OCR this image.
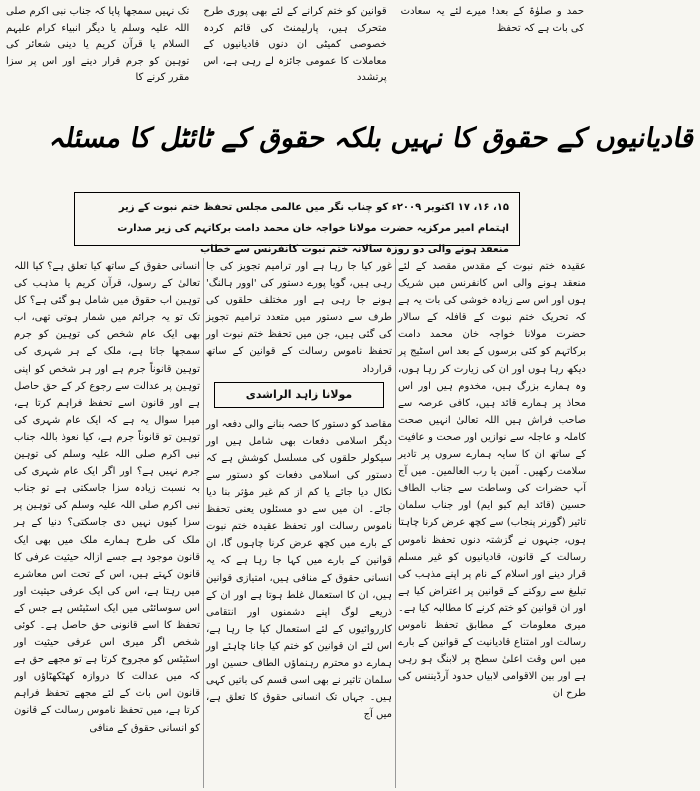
حمد و صلوٰۃ کے بعد! میرے لئے یہ سعادت کی بات ہے کہ تحفظ
قوانین کو ختم کرانے کے لئے بھی پوری طرح متحرک ہیں، پارلیمنٹ کی قائم کردہ خصوصی کمیٹی ان دنوں قادیانیوں کے معاملات کا عمومی جائزہ لے رہی ہے، اس پرتشدد
تک نہیں سمجھا پایا کہ جناب نبی اکرم صلی اللہ علیہ وسلم یا دیگر انبیاء کرام علیہم السلام یا قرآن کریم یا دینی شعائر کی توہین کو جرم قرار دینے اور اس پر سزا مقرر کرنے کا
قادیانیوں کے حقوق کا نہیں بلکہ حقوق کے ٹائٹل کا مسئلہ
۱۵، ۱۶، ۱۷ اکتوبر ۲۰۰۹ء کو چناب نگر میں عالمی مجلس تحفظ ختم نبوت کے زیر اہتمام امیر مرکزیہ حضرت مولانا خواجہ خان محمد دامت برکاتہم کی زیر صدارت منعقد ہونے والی دو روزہ سالانہ ختم نبوت کانفرنس سے خطاب

عقیدہ ختم نبوت کے مقدس مقصد کے لئے منعقد ہونے والی اس کانفرنس میں شریک ہوں اور اس سے زیادہ خوشی کی بات یہ ہے کہ تحریک ختم نبوت کے قافلہ کے سالار حضرت مولانا خواجہ خان محمد دامت برکاتہم کو کئی برسوں کے بعد اس اسٹیج پر دیکھ رہا ہوں اور ان کی زیارت کر رہا ہوں، وہ ہمارے بزرگ ہیں، مخدوم ہیں اور اس محاذ پر ہمارے قائد ہیں، کافی عرصہ سے صاحب فراش ہیں اللہ تعالیٰ انہیں صحت کاملہ و عاجلہ سے نوازیں اور صحت و عافیت کے ساتھ ان کا سایہ ہمارے سروں پر تادیر سلامت رکھیں۔ آمین یا رب العالمین۔ میں آج آپ حضرات کی وساطت سے جناب الطاف حسین (قائد ایم کیو ایم) اور جناب سلمان تاثیر (گورنر پنجاب) سے کچھ عرض کرنا چاہتا ہوں، جنہوں نے گزشتہ دنوں تحفظ ناموس رسالت کے قانون، قادیانیوں کو غیر مسلم قرار دینے اور اسلام کے نام پر اپنے مذہب کی تبلیغ سے روکنے کے قوانین پر اعتراض کیا ہے اور ان قوانین کو ختم کرنے کا مطالبہ کیا ہے۔ میری معلومات کے مطابق تحفظ ناموس رسالت اور امتناع قادیانیت کے قوانین کے بارے میں اس وقت اعلیٰ سطح پر لابنگ ہو رہی ہے اور بین الاقوامی لابیاں حدود آرڈیننس کی طرح ان

غور کیا جا رہا ہے اور ترامیم تجویز کی جا رہی ہیں، گویا پورے دستور کی 'اوور ہالنگ' ہونے جا رہی ہے اور مختلف حلقوں کی طرف سے دستور میں متعدد ترامیم تجویز کی گئی ہیں، جن میں تحفظ ختم نبوت اور تحفظ ناموس رسالت کے قوانین کے ساتھ قرارداد

مولانا زاہد الراشدی

مقاصد کو دستور کا حصہ بنانے والی دفعہ اور دیگر اسلامی دفعات بھی شامل ہیں اور سیکولر حلقوں کی مسلسل کوشش ہے کہ دستور کی اسلامی دفعات کو دستور سے نکال دیا جائے یا کم از کم غیر مؤثر بنا دیا جائے۔ ان میں سے دو مسئلوں یعنی تحفظ ناموس رسالت اور تحفظ عقیدہ ختم نبوت کے بارے میں کچھ عرض کرنا چاہوں گا، ان قوانین کے بارے میں کہا جا رہا ہے کہ یہ انسانی حقوق کے منافی ہیں، امتیازی قوانین ہیں، ان کا استعمال غلط ہوتا ہے اور ان کے ذریعے لوگ اپنے دشمنوں اور انتقامی کارروائیوں کے لئے استعمال کیا جا رہا ہے، اس لئے ان قوانین کو ختم کیا جانا چاہئے اور ہمارے دو محترم رہنماؤں الطاف حسین اور سلمان تاثیر نے بھی اسی قسم کی باتیں کہی ہیں۔ جہاں تک انسانی حقوق کا تعلق ہے، میں آج

انسانی حقوق کے ساتھ کیا تعلق ہے؟ کیا اللہ تعالیٰ کے رسول، قرآن کریم یا مذہب کی توہین اب حقوق میں شامل ہو گئی ہے؟ کل تک تو یہ جرائم میں شمار ہوتی تھی، اب بھی ایک عام شخص کی توہین کو جرم سمجھا جاتا ہے، ملک کے ہر شہری کی توہین قانوناً جرم ہے اور ہر شخص کو اپنی توہین پر عدالت سے رجوع کر کے حق حاصل ہے اور قانون اسے تحفظ فراہم کرتا ہے، میرا سوال یہ ہے کہ ایک عام شہری کی توہین تو قانوناً جرم ہے، کیا نعوذ باللہ جناب نبی اکرم صلی اللہ علیہ وسلم کی توہین جرم نہیں ہے؟ اور اگر ایک عام شہری کی بہ نسبت زیادہ سزا جاسکتی ہے تو جناب نبی اکرم صلی اللہ علیہ وسلم کی توہین پر سزا کیوں نہیں دی جاسکتی؟ دنیا کے ہر ملک کی طرح ہمارے ملک میں بھی ایک قانون موجود ہے جسے ازالہ حیثیت عرفی کا قانون کہتے ہیں، اس کے تحت اس معاشرے میں رہتا ہے، اس کی ایک عرفی حیثیت اور اس سوسائٹی میں ایک اسٹیٹس ہے جس کے تحفظ کا اسے قانونی حق حاصل ہے۔ کوئی شخص اگر میری اس عرفی حیثیت اور اسٹیٹس کو مجروح کرتا ہے تو مجھے حق ہے کہ میں عدالت کا دروازہ کھٹکھٹاؤں اور قانون اس بات کے لئے مجھے تحفظ فراہم کرتا ہے، میں تحفظ ناموس رسالت کے قانون کو انسانی حقوق کے منافی
